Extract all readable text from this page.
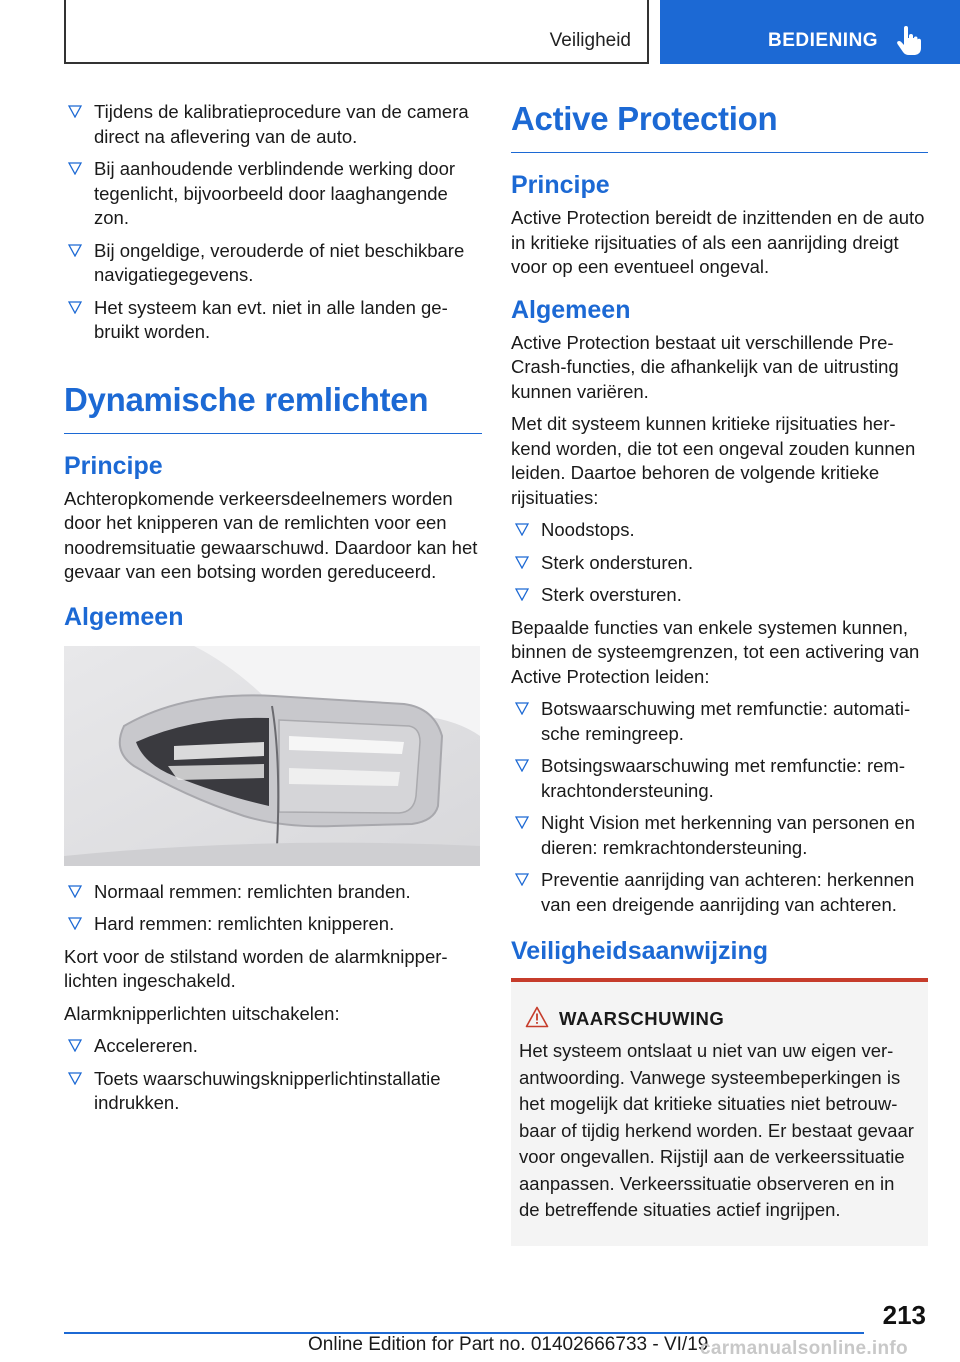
Veiligheid	BEDIENING
Tijdens de kalibratieprocedure van de camera direct na aflevering van de auto.
Bij aanhoudende verblindende werking door tegenlicht, bijvoorbeeld door laaghangende zon.
Bij ongeldige, verouderde of niet beschikbare navigatiegegevens.
Het systeem kan evt. niet in alle landen gebruikt worden.
Dynamische remlichten
Principe
Achteropkomende verkeersdeelnemers worden door het knipperen van de remlichten voor een noodremsituatie gewaarschuwd. Daardoor kan het gevaar van een botsing worden gereduceerd.
Algemeen
Normaal remmen: remlichten branden.
Hard remmen: remlichten knipperen.
Kort voor de stilstand worden de alarmknipperlichten ingeschakeld.
Alarmknipperlichten uitschakelen:
Accelereren.
Toets waarschuwingsknipperlichtinstallatie indrukken.
Active Protection
Principe
Active Protection bereidt de inzittenden en de auto in kritieke rijsituaties of als een aanrijding dreigt voor op een eventueel ongeval.
Algemeen
Active Protection bestaat uit verschillende Pre-Crash-functies, die afhankelijk van de uitrusting kunnen variëren.
Met dit systeem kunnen kritieke rijsituaties herkend worden, die tot een ongeval zouden kunnen leiden. Daartoe behoren de volgende kritieke rijsituaties:
Noodstops.
Sterk ondersturen.
Sterk oversturen.
Bepaalde functies van enkele systemen kunnen, binnen de systeemgrenzen, tot een activering van Active Protection leiden:
Botswaarschuwing met remfunctie: automatische remingreep.
Botsingswaarschuwing met remfunctie: remkrachtondersteuning.
Night Vision met herkenning van personen en dieren: remkrachtondersteuning.
Preventie aanrijding van achteren: herkennen van een dreigende aanrijding van achteren.
Veiligheidsaanwijzing
WAARSCHUWING
Het systeem ontslaat u niet van uw eigen verantwoording. Vanwege systeembeperkingen is het mogelijk dat kritieke situaties niet betrouwbaar of tijdig herkend worden. Er bestaat gevaar voor ongevallen. Rijstijl aan de verkeerssituatie aanpassen. Verkeerssituatie observeren en in de betreffende situaties actief ingrijpen.
213
Online Edition for Part no. 01402666733 - VI/19
carmanualsonline.info
